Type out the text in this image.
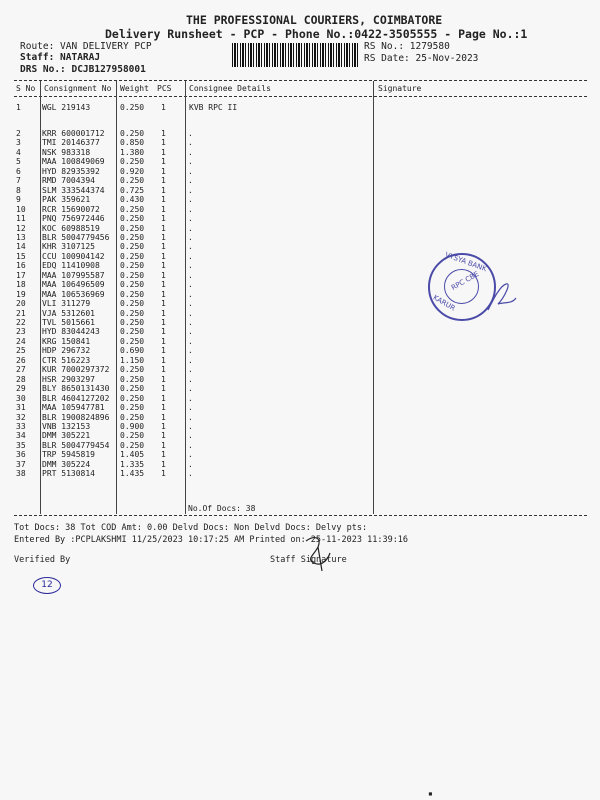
THE PROFESSIONAL COURIERS, COIMBATORE
Delivery Runsheet - PCP - Phone No.:0422-3505555 - Page No.:1
Route: VAN DELIVERY PCP
Staff: NATARAJ
DRS No.: DCJB127958001
RS No.: 1279580
RS Date: 25-Nov-2023
S No Consignment No Weight PCS Consignee Details	Signature
1	WGL 219143	0.250 1	KVB RPC II
2	KRR 600001712 0.250 1	.
3	TMI 20146377	0.850 1	.
4	NSK 983318	1.380 1	.
5	MAA 100849069 0.250 1	.
6	HYD 82935392	0.920 1	.
7	RMD 7004394	0.250 1	.
8	SLM 333544374 0.725 1	.
9	PAK 359621	0.430 1	.
10 RCR 15690072	0.250 1	.
11 PNQ 756972446 0.250 1	.
12 KOC 60988519	0.250 1	.
13 BLR 5004779456 0.250 1	.
14 KHR 3107125	0.250 1	.
15 CCU 100904142 0.250 1	.
16 EDQ 11410908	0.250 1	.
17 MAA 107995587 0.250 1	.
18 MAA 106496509 0.250 1	.
19 MAA 106536969 0.250 1	.
20 VLI 311279	0.250 1	.
21 VJA 5312601	0.250 1	.
22 TVL 5015661	0.250 1	.
23 HYD 83044243	0.250 1	.
24 KRG 150841	0.250 1	.
25 HDP 296732	0.690 1	.
26 CTR 516223	1.150 1	.
27 KUR 7000297372 0.250 1	.
28 HSR 2903297	0.250 1	.
29 BLY 8650131430 0.250 1	.
30 BLR 4604127202 0.250 1	.
31 MAA 105947781 0.250 1	.
32 BLR 1900824896 0.250 1	.
33 VNB 132153	0.900 1	.
34 DMM 305221	0.250 1	.
35 BLR 5004779454 0.250 1	.
36 TRP 5945819	1.405 1	.
37 DMM 305224	1.335 1	.
38 PRT 5130814	1.435 1	.
No.Of Docs: 38
Tot Docs: 38 Tot COD Amt: 0.00 Delvd Docs: Non Delvd Docs: Delvy pts:
Entered By :PCPLAKSHMI 11/25/2023 10:17:25 AM Printed on: 25-11-2023 11:39:16
Verified By	Staff Signature
12
VYSYA BANK
KARUR
RPC CBE
▪
